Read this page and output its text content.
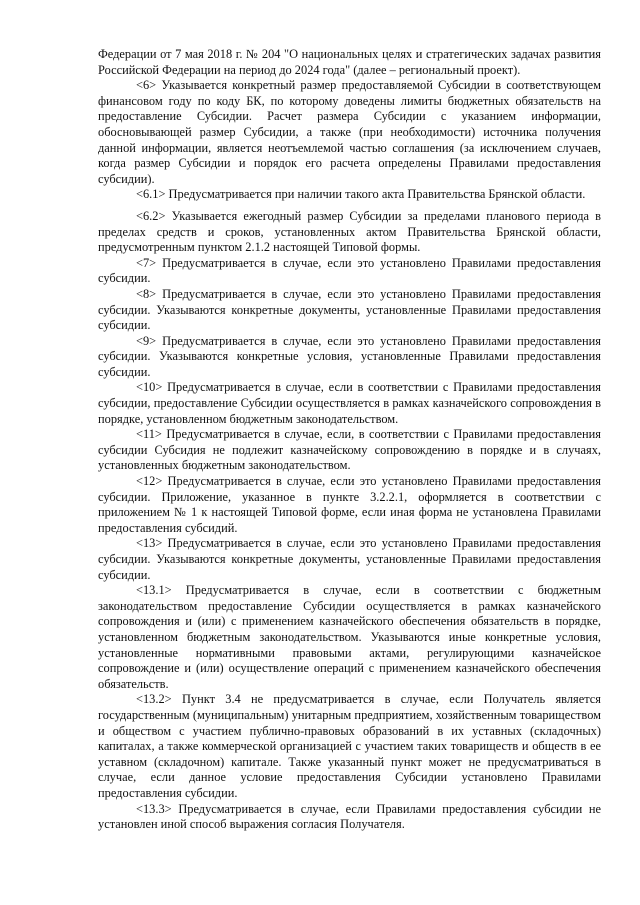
Федерации от 7 мая 2018 г. № 204 "О национальных целях и стратегических задачах развития Российской Федерации на период до 2024 года" (далее – региональный проект).

<6> Указывается конкретный размер предоставляемой Субсидии в соответствующем финансовом году по коду БК, по которому доведены лимиты бюджетных обязательств на предоставление Субсидии. Расчет размера Субсидии с указанием информации, обосновывающей размер Субсидии, а также (при необходимости) источника получения данной информации, является неотъемлемой частью соглашения (за исключением случаев, когда размер Субсидии и порядок его расчета определены Правилами предоставления субсидии).

<6.1> Предусматривается при наличии такого акта Правительства Брянской области.

<6.2> Указывается ежегодный размер Субсидии за пределами планового периода в пределах средств и сроков, установленных актом Правительства Брянской области, предусмотренным пунктом 2.1.2 настоящей Типовой формы.

<7> Предусматривается в случае, если это установлено Правилами предоставления субсидии.

<8> Предусматривается в случае, если это установлено Правилами предоставления субсидии. Указываются конкретные документы, установленные Правилами предоставления субсидии.

<9> Предусматривается в случае, если это установлено Правилами предоставления субсидии. Указываются конкретные условия, установленные Правилами предоставления субсидии.

<10> Предусматривается в случае, если в соответствии с Правилами предоставления субсидии, предоставление Субсидии осуществляется в рамках казначейского сопровождения в порядке, установленном бюджетным законодательством.

<11> Предусматривается в случае, если, в соответствии с Правилами предоставления субсидии Субсидия не подлежит казначейскому сопровождению в порядке и в случаях, установленных бюджетным законодательством.

<12> Предусматривается в случае, если это установлено Правилами предоставления субсидии. Приложение, указанное в пункте 3.2.2.1, оформляется в соответствии с приложением № 1 к настоящей Типовой форме, если иная форма не установлена Правилами предоставления субсидий.

<13> Предусматривается в случае, если это установлено Правилами предоставления субсидии. Указываются конкретные документы, установленные Правилами предоставления субсидии.

<13.1> Предусматривается в случае, если в соответствии с бюджетным законодательством предоставление Субсидии осуществляется в рамках казначейского сопровождения и (или) с применением казначейского обеспечения обязательств в порядке, установленном бюджетным законодательством. Указываются иные конкретные условия, установленные нормативными правовыми актами, регулирующими казначейское сопровождение и (или) осуществление операций с применением казначейского обеспечения обязательств.

<13.2> Пункт 3.4 не предусматривается в случае, если Получатель является государственным (муниципальным) унитарным предприятием, хозяйственным товариществом и обществом с участием публично-правовых образований в их уставных (складочных) капиталах, а также коммерческой организацией с участием таких товариществ и обществ в ее уставном (складочном) капитале. Также указанный пункт может не предусматриваться в случае, если данное условие предоставления Субсидии установлено Правилами предоставления субсидии.

<13.3> Предусматривается в случае, если Правилами предоставления субсидии не установлен иной способ выражения согласия Получателя.
